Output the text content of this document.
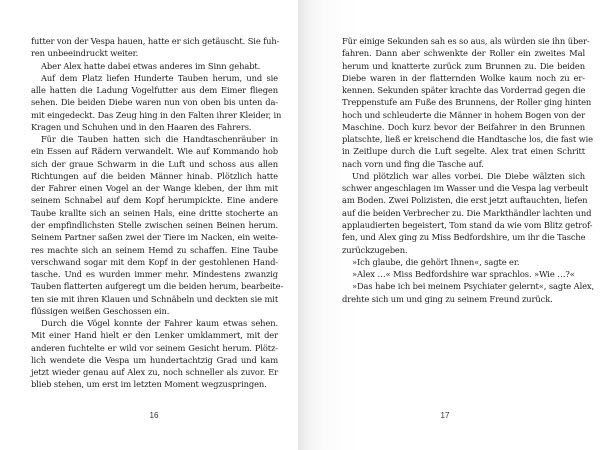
futter von der Vespa hauen, hatte er sich getäuscht. Sie fuh-
ren unbeeindruckt weiter.
Aber Alex hatte dabei etwas anderes im Sinn gehabt.
Auf dem Platz liefen Hunderte Tauben herum, und sie
alle hatten die Ladung Vogelfutter aus dem Eimer fliegen
sehen. Die beiden Diebe waren nun von oben bis unten da-
mit eingedeckt. Das Zeug hing in den Falten ihrer Kleider, in
Kragen und Schuhen und in den Haaren des Fahrers.
Für die Tauben hatten sich die Handtaschenräuber in
ein Essen auf Rädern verwandelt. Wie auf Kommando hob
sich der graue Schwarm in die Luft und schoss aus allen
Richtungen auf die beiden Männer hinab. Plötzlich hatte
der Fahrer einen Vogel an der Wange kleben, der ihm mit
seinem Schnabel auf dem Kopf herumpickte. Eine andere
Taube krallte sich an seinen Hals, eine dritte stocherte an
der empfindlichsten Stelle zwischen seinen Beinen herum.
Seinem Partner saßen zwei der Tiere im Nacken, ein weite-
res machte sich an seinem Hemd zu schaffen. Eine Taube
verschwand sogar mit dem Kopf in der gestohlenen Hand-
tasche. Und es wurden immer mehr. Mindestens zwanzig
Tauben flatterten aufgeregt um die beiden herum, bearbeite-
ten sie mit ihren Klauen und Schnäbeln und deckten sie mit
flüssigen weißen Geschossen ein.
Durch die Vögel konnte der Fahrer kaum etwas sehen.
Mit einer Hand hielt er den Lenker umklammert, mit der
anderen fuchtelte er wild vor seinem Gesicht herum. Plötz-
lich wendete die Vespa um hundertachtzig Grad und kam
jetzt wieder genau auf Alex zu, noch schneller als zuvor. Er
blieb stehen, um erst im letzten Moment wegzuspringen.
16
Für einige Sekunden sah es so aus, als würden sie ihn über-
fahren. Dann aber schwenkte der Roller ein zweites Mal
herum und knatterte zurück zum Brunnen zu. Die beiden
Diebe waren in der flatternden Wolke kaum noch zu er-
kennen. Sekunden später krachte das Vorderrad gegen die
Treppenstufe am Fuße des Brunnens, der Roller ging hinten
hoch und schleuderte die Männer in hohem Bogen von der
Maschine. Doch kurz bevor der Beifahrer in den Brunnen
platschte, ließ er kreischend die Handtasche los, die fast wie
in Zeitlupe durch die Luft segelte. Alex trat einen Schritt
nach vorn und fing die Tasche auf.
Und plötzlich war alles vorbei. Die Diebe wälzten sich
schwer angeschlagen im Wasser und die Vespa lag verbeult
am Boden. Zwei Polizisten, die erst jetzt auftauchten, liefen
auf die beiden Verbrecher zu. Die Markthändler lachten und
applaudierten begeistert, Tom stand da wie vom Blitz getrof-
fen, und Alex ging zu Miss Bedfordshire, um ihr die Tasche
zurückzugeben.
»Ich glaube, die gehört Ihnen«, sagte er.
»Alex …« Miss Bedfordshire war sprachlos. »Wie …?«
»Das habe ich bei meinem Psychiater gelernt«, sagte Alex,
drehte sich um und ging zu seinem Freund zurück.
17
